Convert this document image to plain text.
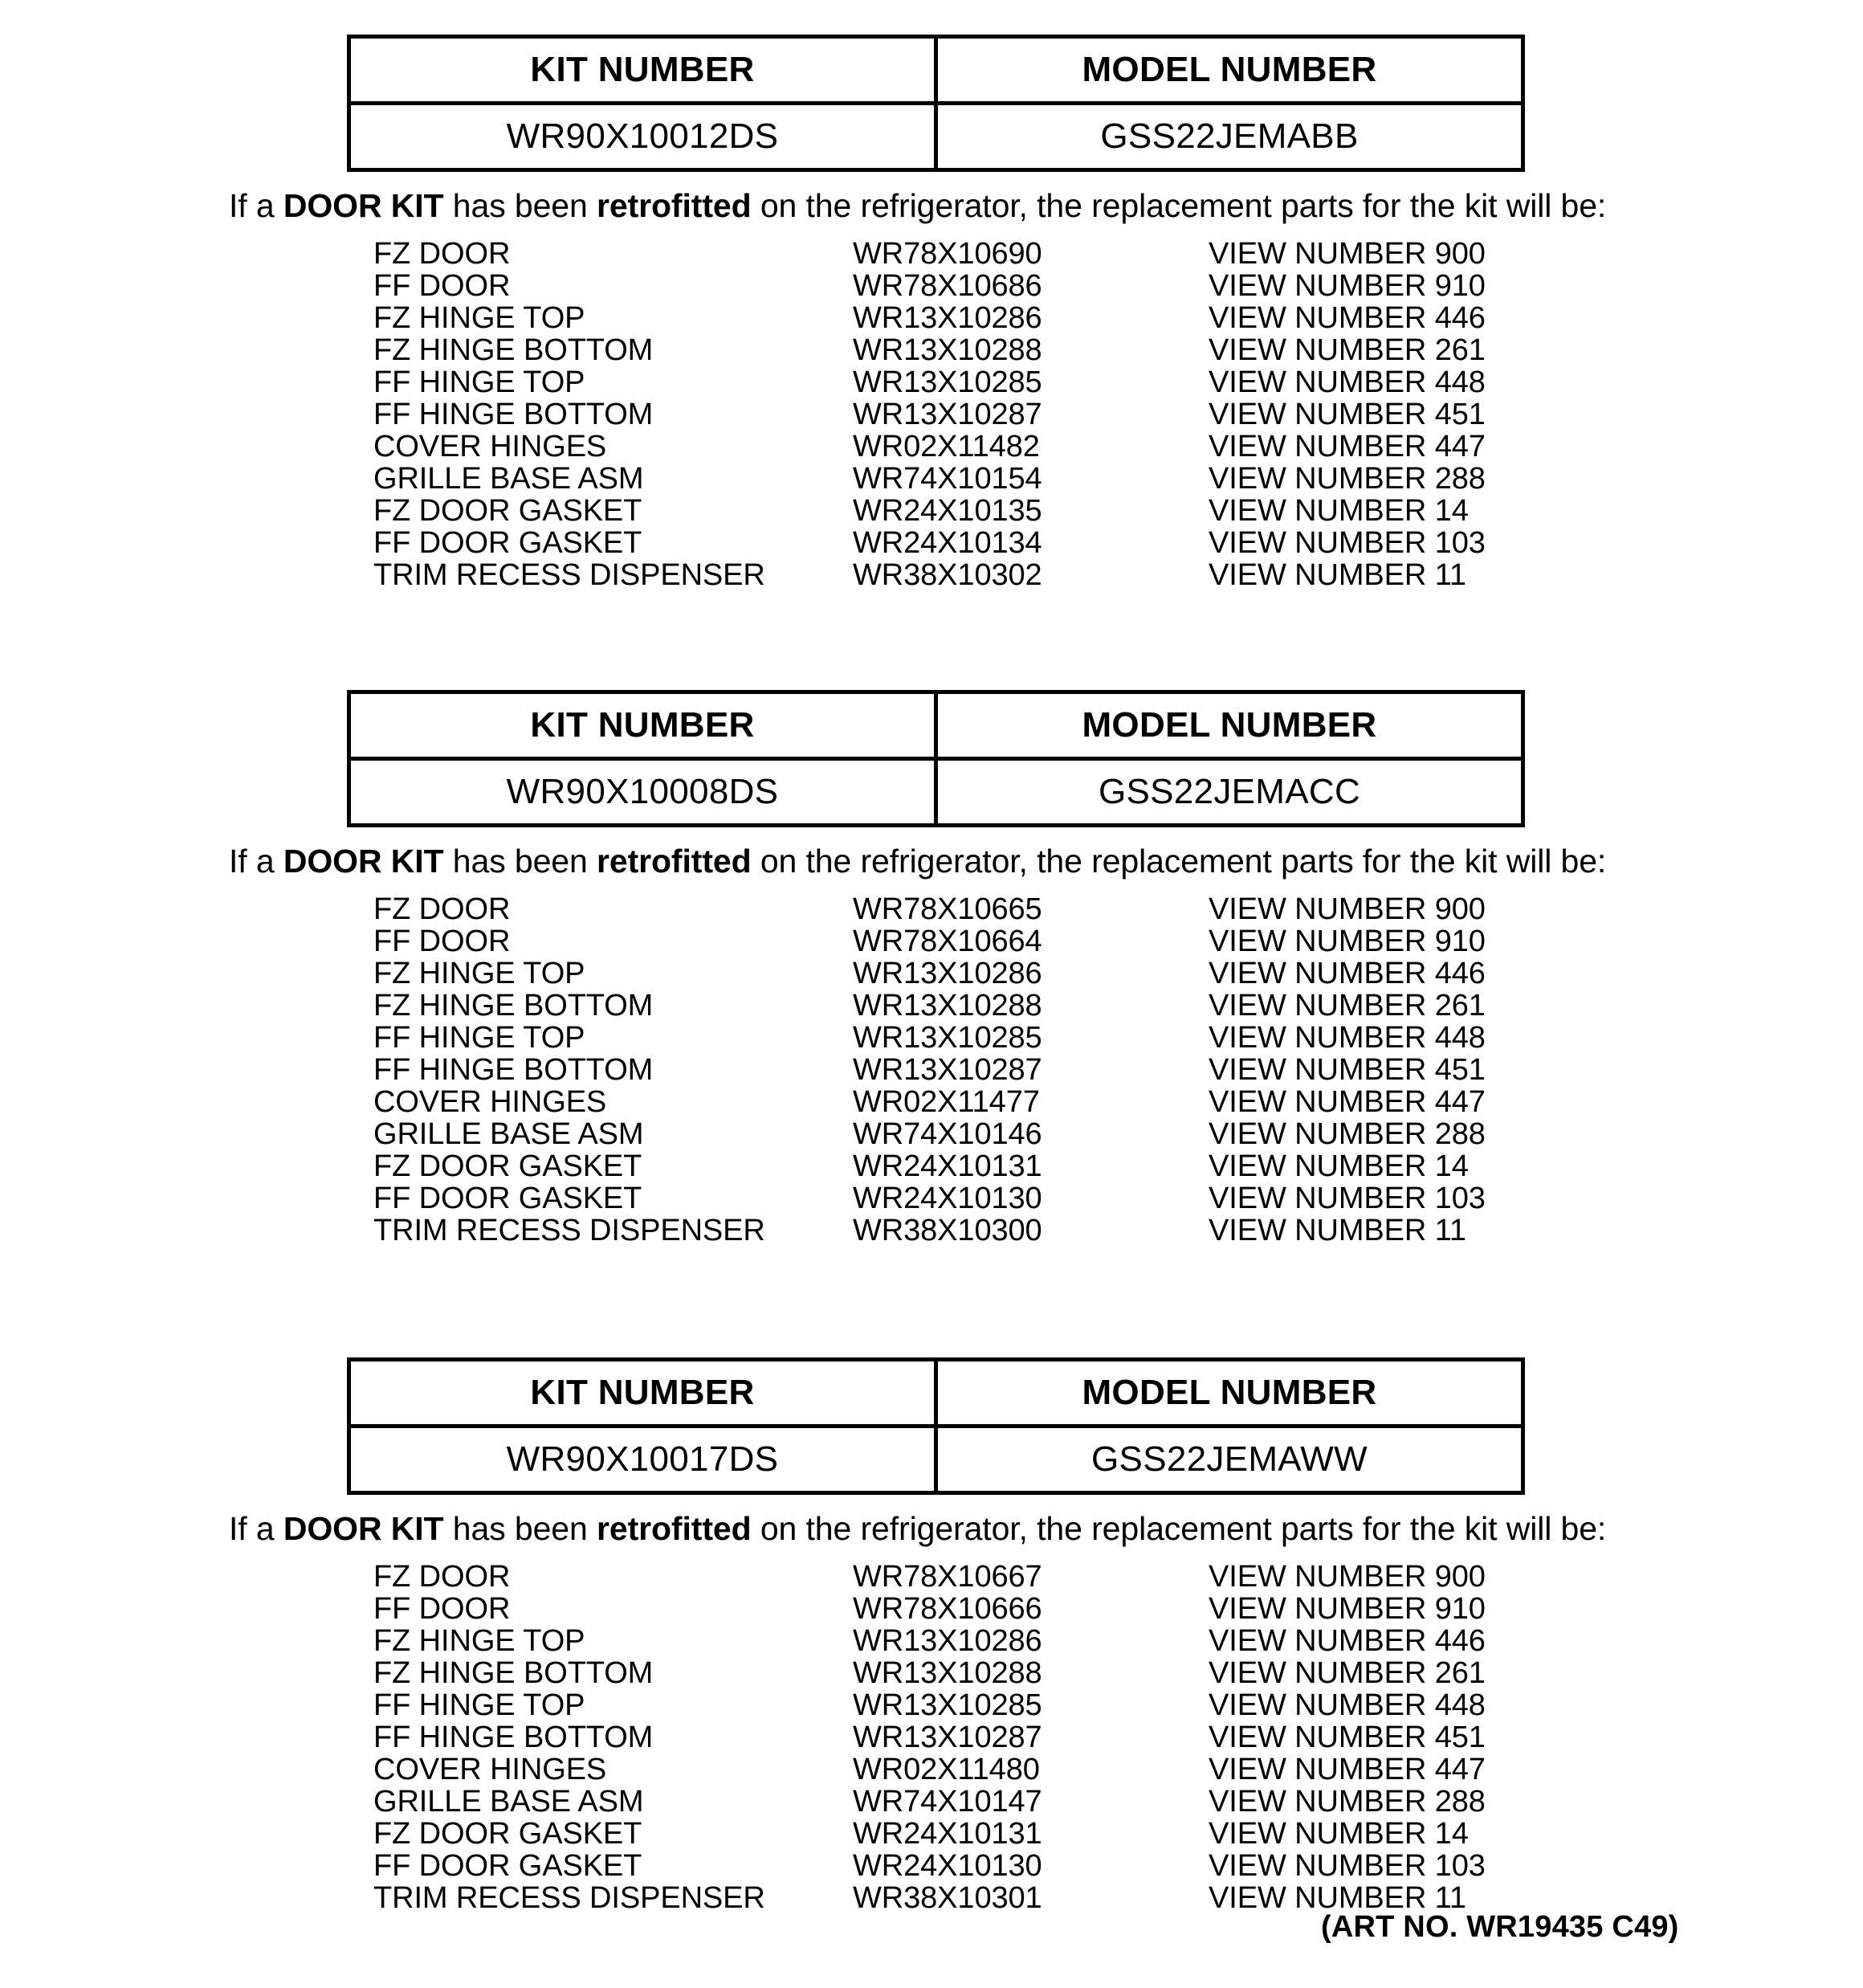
KIT NUMBER	MODEL NUMBER
WR90X10012DS	GSS22JEMABB
If a DOOR KIT has been retrofitted on the refrigerator, the replacement parts for the kit will be:
FZ DOOR	WR78X10690	VIEW NUMBER 900
FF DOOR	WR78X10686	VIEW NUMBER 910
FZ HINGE TOP	WR13X10286	VIEW NUMBER 446
FZ HINGE BOTTOM	WR13X10288	VIEW NUMBER 261
FF HINGE TOP	WR13X10285	VIEW NUMBER 448
FF HINGE BOTTOM	WR13X10287	VIEW NUMBER 451
COVER HINGES	WR02X11482	VIEW NUMBER 447
GRILLE BASE ASM	WR74X10154	VIEW NUMBER 288
FZ DOOR GASKET	WR24X10135	VIEW NUMBER 14
FF DOOR GASKET	WR24X10134	VIEW NUMBER 103
TRIM RECESS DISPENSER	WR38X10302	VIEW NUMBER 11
KIT NUMBER	MODEL NUMBER
WR90X10008DS	GSS22JEMACC
If a DOOR KIT has been retrofitted on the refrigerator, the replacement parts for the kit will be:
FZ DOOR	WR78X10665	VIEW NUMBER 900
FF DOOR	WR78X10664	VIEW NUMBER 910
FZ HINGE TOP	WR13X10286	VIEW NUMBER 446
FZ HINGE BOTTOM	WR13X10288	VIEW NUMBER 261
FF HINGE TOP	WR13X10285	VIEW NUMBER 448
FF HINGE BOTTOM	WR13X10287	VIEW NUMBER 451
COVER HINGES	WR02X11477	VIEW NUMBER 447
GRILLE BASE ASM	WR74X10146	VIEW NUMBER 288
FZ DOOR GASKET	WR24X10131	VIEW NUMBER 14
FF DOOR GASKET	WR24X10130	VIEW NUMBER 103
TRIM RECESS DISPENSER	WR38X10300	VIEW NUMBER 11
KIT NUMBER	MODEL NUMBER
WR90X10017DS	GSS22JEMAWW
If a DOOR KIT has been retrofitted on the refrigerator, the replacement parts for the kit will be:
FZ DOOR	WR78X10667	VIEW NUMBER 900
FF DOOR	WR78X10666	VIEW NUMBER 910
FZ HINGE TOP	WR13X10286	VIEW NUMBER 446
FZ HINGE BOTTOM	WR13X10288	VIEW NUMBER 261
FF HINGE TOP	WR13X10285	VIEW NUMBER 448
FF HINGE BOTTOM	WR13X10287	VIEW NUMBER 451
COVER HINGES	WR02X11480	VIEW NUMBER 447
GRILLE BASE ASM	WR74X10147	VIEW NUMBER 288
FZ DOOR GASKET	WR24X10131	VIEW NUMBER 14
FF DOOR GASKET	WR24X10130	VIEW NUMBER 103
TRIM RECESS DISPENSER	WR38X10301	VIEW NUMBER 11
(ART NO. WR19435 C49)
